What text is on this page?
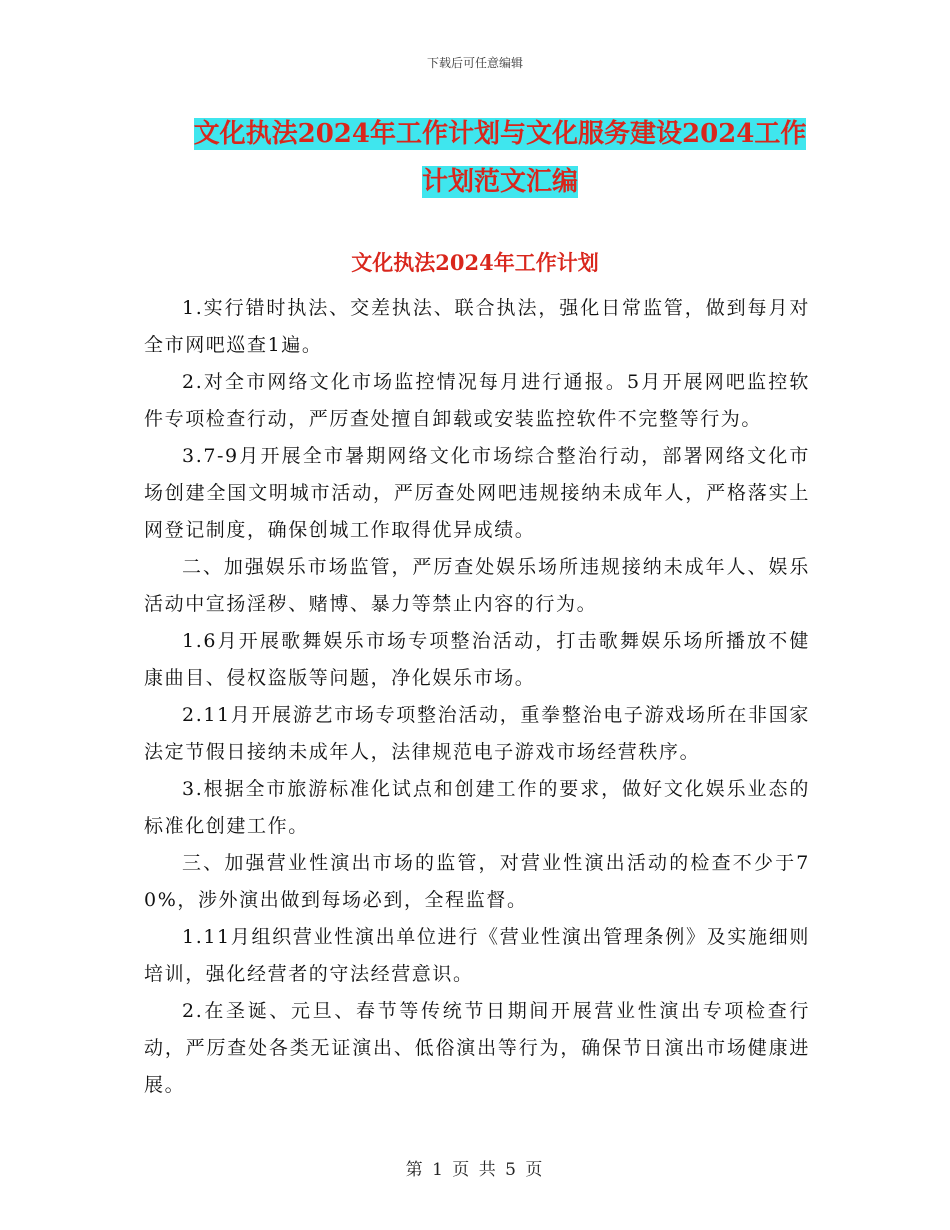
下载后可任意编辑
文化执法2024年工作计划与文化服务建设2024工作计划范文汇编
文化执法2024年工作计划

1.实行错时执法、交差执法、联合执法，强化日常监管，做到每月对全市网吧巡查1遍。

2.对全市网络文化市场监控情况每月进行通报。5月开展网吧监控软件专项检查行动，严厉查处擅自卸载或安装监控软件不完整等行为。

3.7-9月开展全市暑期网络文化市场综合整治行动，部署网络文化市场创建全国文明城市活动，严厉查处网吧违规接纳未成年人，严格落实上网登记制度，确保创城工作取得优异成绩。

二、加强娱乐市场监管，严厉查处娱乐场所违规接纳未成年人、娱乐活动中宣扬淫秽、赌博、暴力等禁止内容的行为。

1.6月开展歌舞娱乐市场专项整治活动，打击歌舞娱乐场所播放不健康曲目、侵权盗版等问题，净化娱乐市场。

2.11月开展游艺市场专项整治活动，重拳整治电子游戏场所在非国家法定节假日接纳未成年人，法律规范电子游戏市场经营秩序。

3.根据全市旅游标准化试点和创建工作的要求，做好文化娱乐业态的标准化创建工作。

三、加强营业性演出市场的监管，对营业性演出活动的检查不少于70%，涉外演出做到每场必到，全程监督。

1.11月组织营业性演出单位进行《营业性演出管理条例》及实施细则培训，强化经营者的守法经营意识。

2.在圣诞、元旦、春节等传统节日期间开展营业性演出专项检查行动，严厉查处各类无证演出、低俗演出等行为，确保节日演出市场健康进展。

第 1 页 共 5 页
